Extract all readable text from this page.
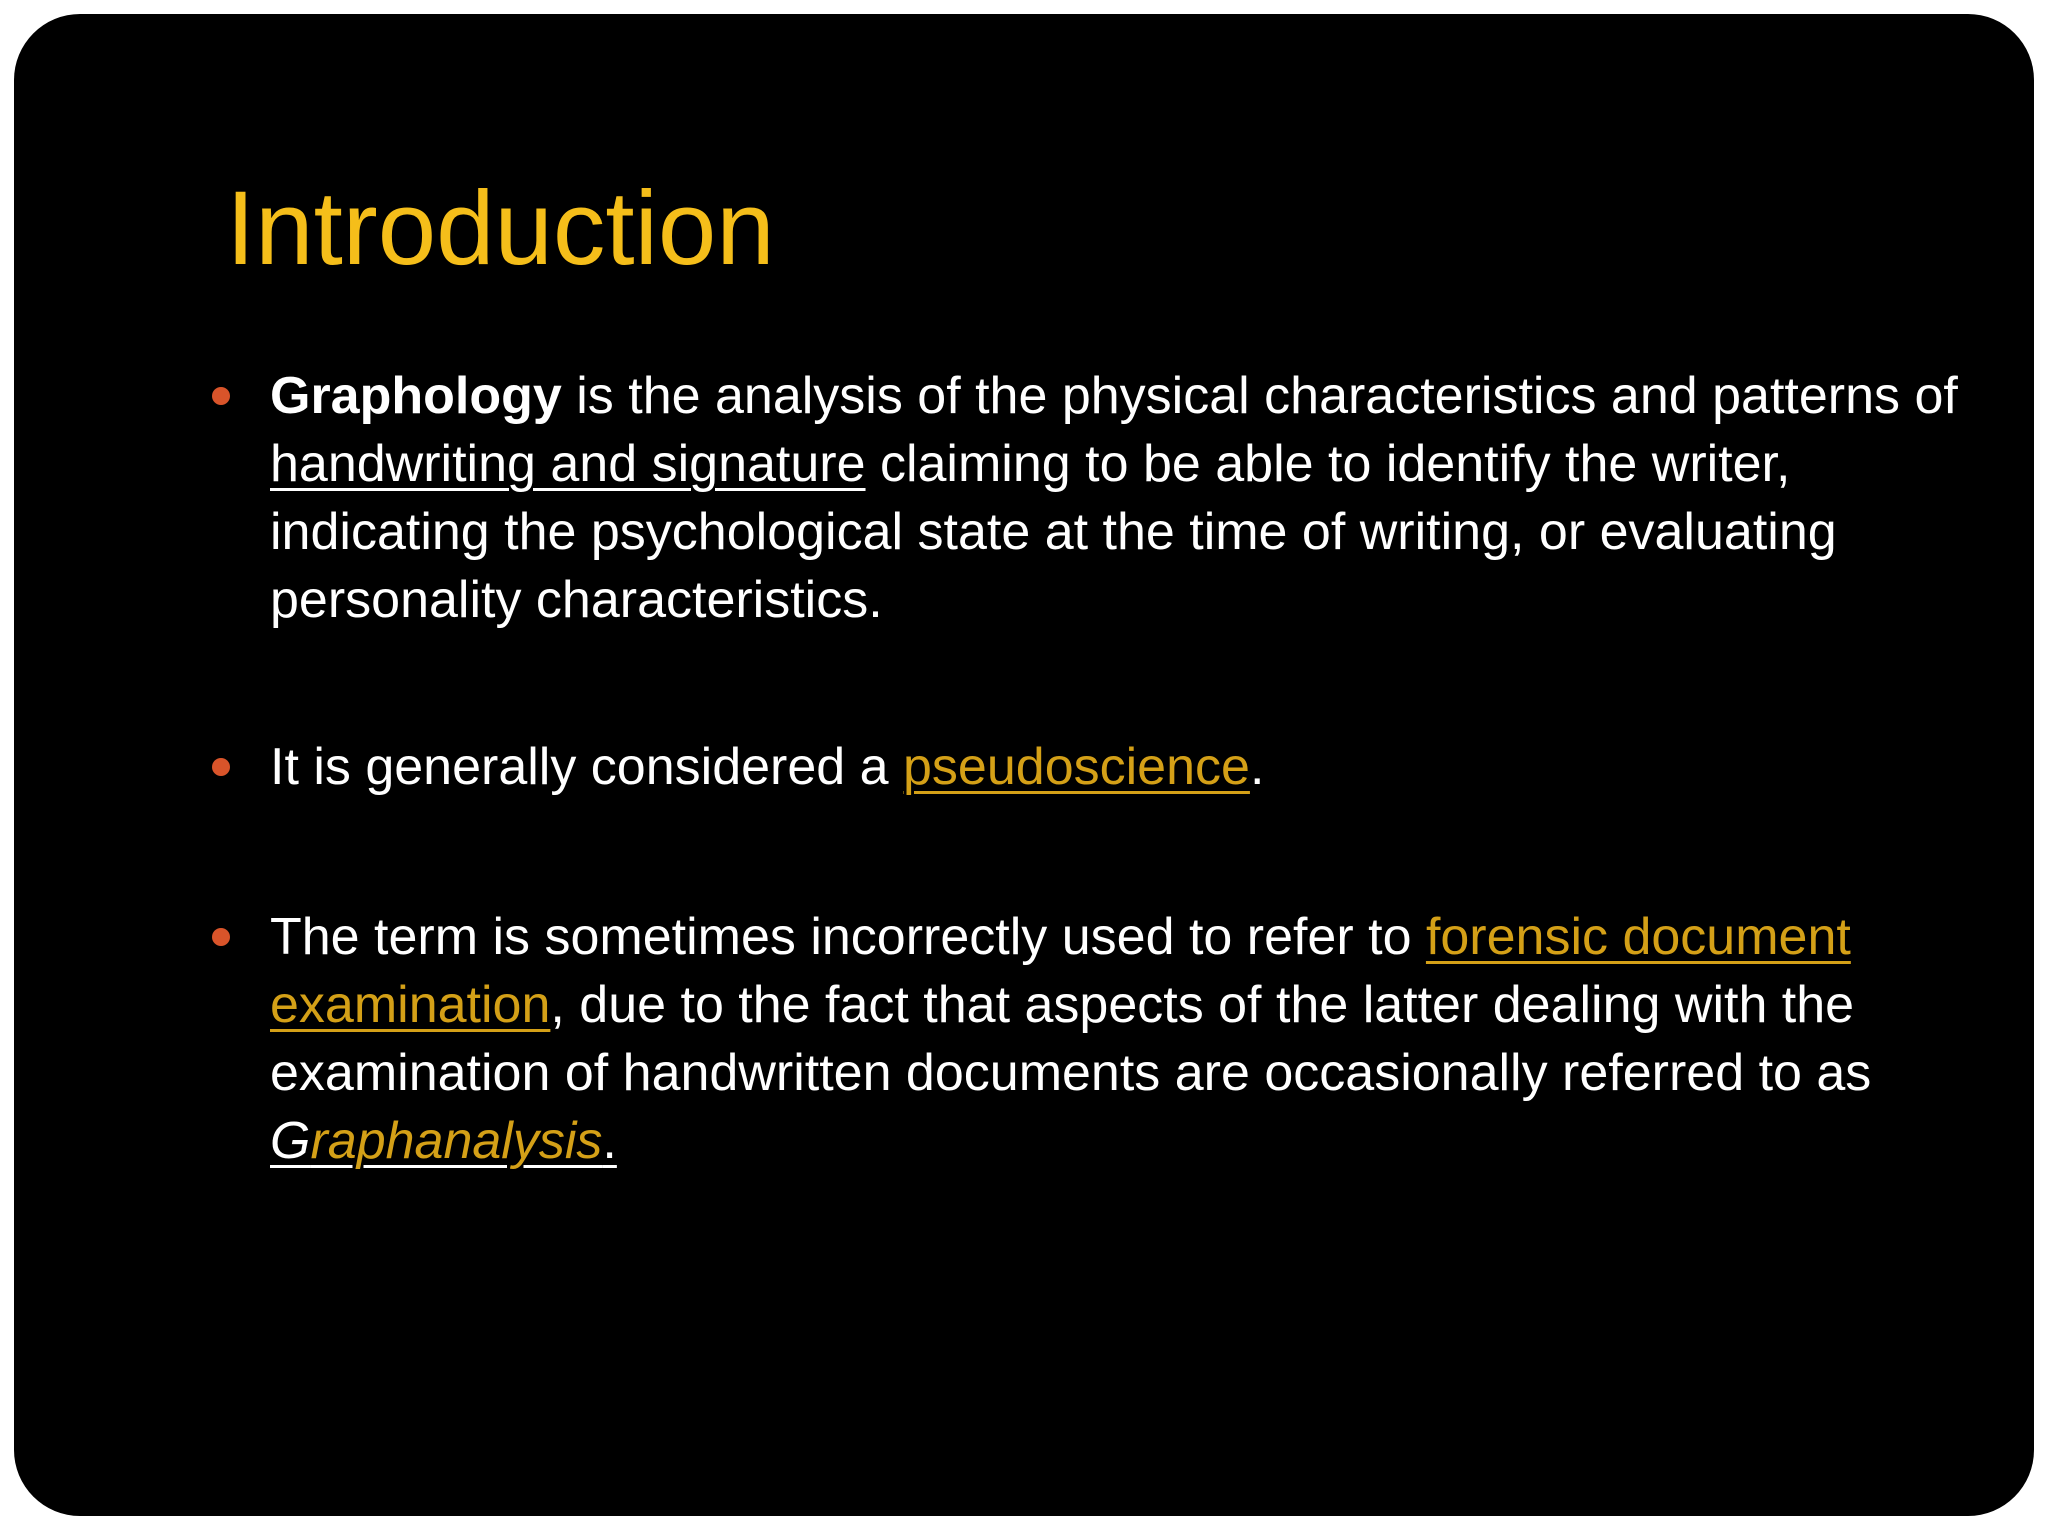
Introduction
Graphology is the analysis of the physical characteristics and patterns of handwriting and signature claiming to be able to identify the writer, indicating the psychological state at the time of writing, or evaluating personality characteristics.
It is generally considered a pseudoscience.
The term is sometimes incorrectly used to refer to forensic document examination, due to the fact that aspects of the latter dealing with the examination of handwritten documents are occasionally referred to as Graphanalysis.
